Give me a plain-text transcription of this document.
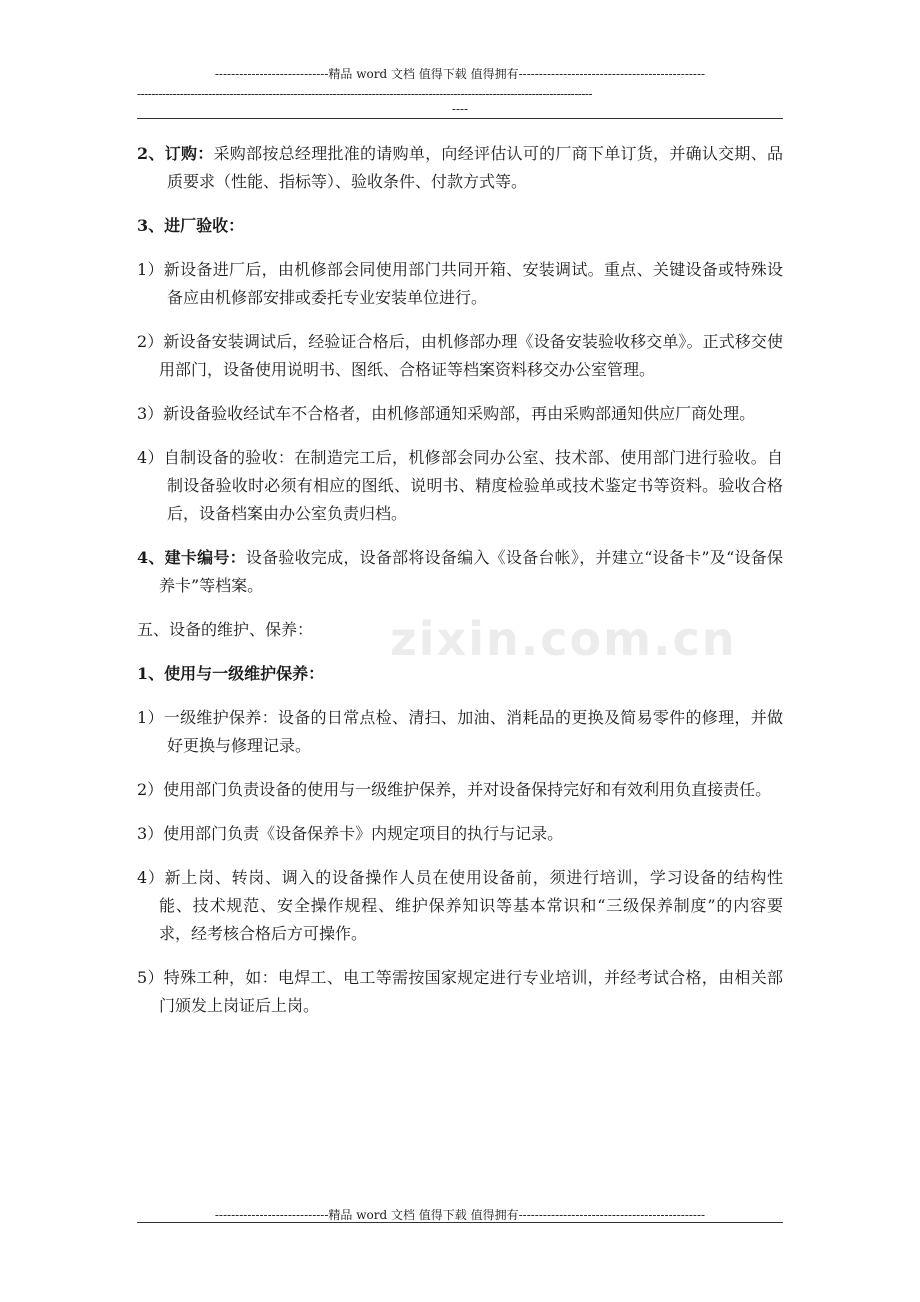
----------------------------精品 word 文档 值得下载 值得拥有----------------------------------------------
--------------------------------------------------------------------------------------------------------------------------------
----
zixin.com.cn

2、订购：采购部按总经理批准的请购单，向经评估认可的厂商下单订货，并确认交期、品质要求（性能、指标等）、验收条件、付款方式等。

3、进厂验收：

1）新设备进厂后，由机修部会同使用部门共同开箱、安装调试。重点、关键设备或特殊设备应由机修部安排或委托专业安装单位进行。

2）新设备安装调试后，经验证合格后，由机修部办理《设备安装验收移交单》。正式移交使用部门，设备使用说明书、图纸、合格证等档案资料移交办公室管理。

3）新设备验收经试车不合格者，由机修部通知采购部，再由采购部通知供应厂商处理。

4）自制设备的验收：在制造完工后，机修部会同办公室、技术部、使用部门进行验收。自制设备验收时必须有相应的图纸、说明书、精度检验单或技术鉴定书等资料。验收合格后，设备档案由办公室负责归档。

4、建卡编号：设备验收完成，设备部将设备编入《设备台帐》，并建立“设备卡”及“设备保养卡”等档案。

五、设备的维护、保养：

1、使用与一级维护保养：

1）一级维护保养：设备的日常点检、清扫、加油、消耗品的更换及简易零件的修理，并做好更换与修理记录。

2）使用部门负责设备的使用与一级维护保养，并对设备保持完好和有效利用负直接责任。

3）使用部门负责《设备保养卡》内规定项目的执行与记录。

4）新上岗、转岗、调入的设备操作人员在使用设备前，须进行培训，学习设备的结构性能、技术规范、安全操作规程、维护保养知识等基本常识和“三级保养制度”的内容要求，经考核合格后方可操作。

5）特殊工种，如：电焊工、电工等需按国家规定进行专业培训，并经考试合格，由相关部门颁发上岗证后上岗。

----------------------------精品 word 文档 值得下载 值得拥有----------------------------------------------
